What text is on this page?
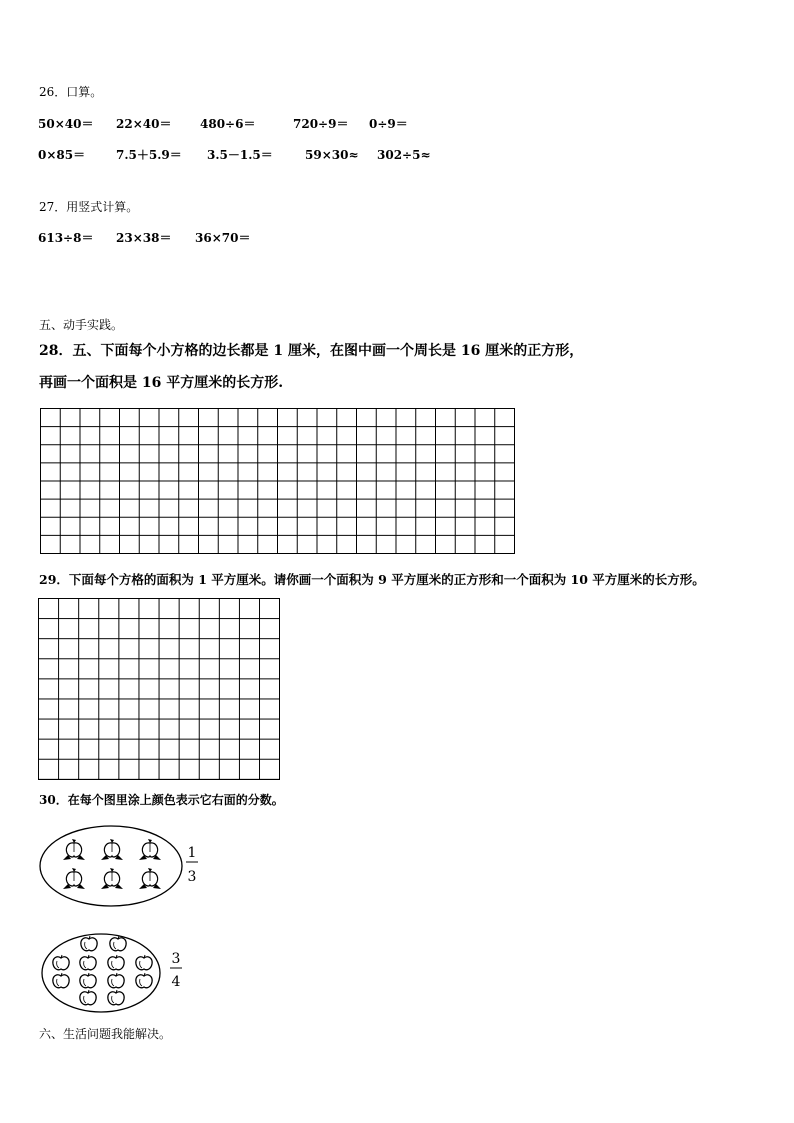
26．口算。
50×40＝ 22×40＝ 480÷6＝	720÷9＝ 0÷9＝
0×85＝	7.5＋5.9＝ 3.5－1.5＝	59×30≈ 302÷5≈
27．用竖式计算。
613÷8＝ 23×38＝ 36×70＝
五、动手实践。
28．五、下面每个小方格的边长都是 1 厘米，在图中画一个周长是 16 厘米的正方形，
再画一个面积是 16 平方厘米的长方形.
29．下面每个方格的面积为 1 平方厘米。请你画一个面积为 9 平方厘米的正方形和一个面积为 10 平方厘米的长方形。
30．在每个图里涂上颜色表示它右面的分数。
1
3
3
4
六、生活问题我能解决。
